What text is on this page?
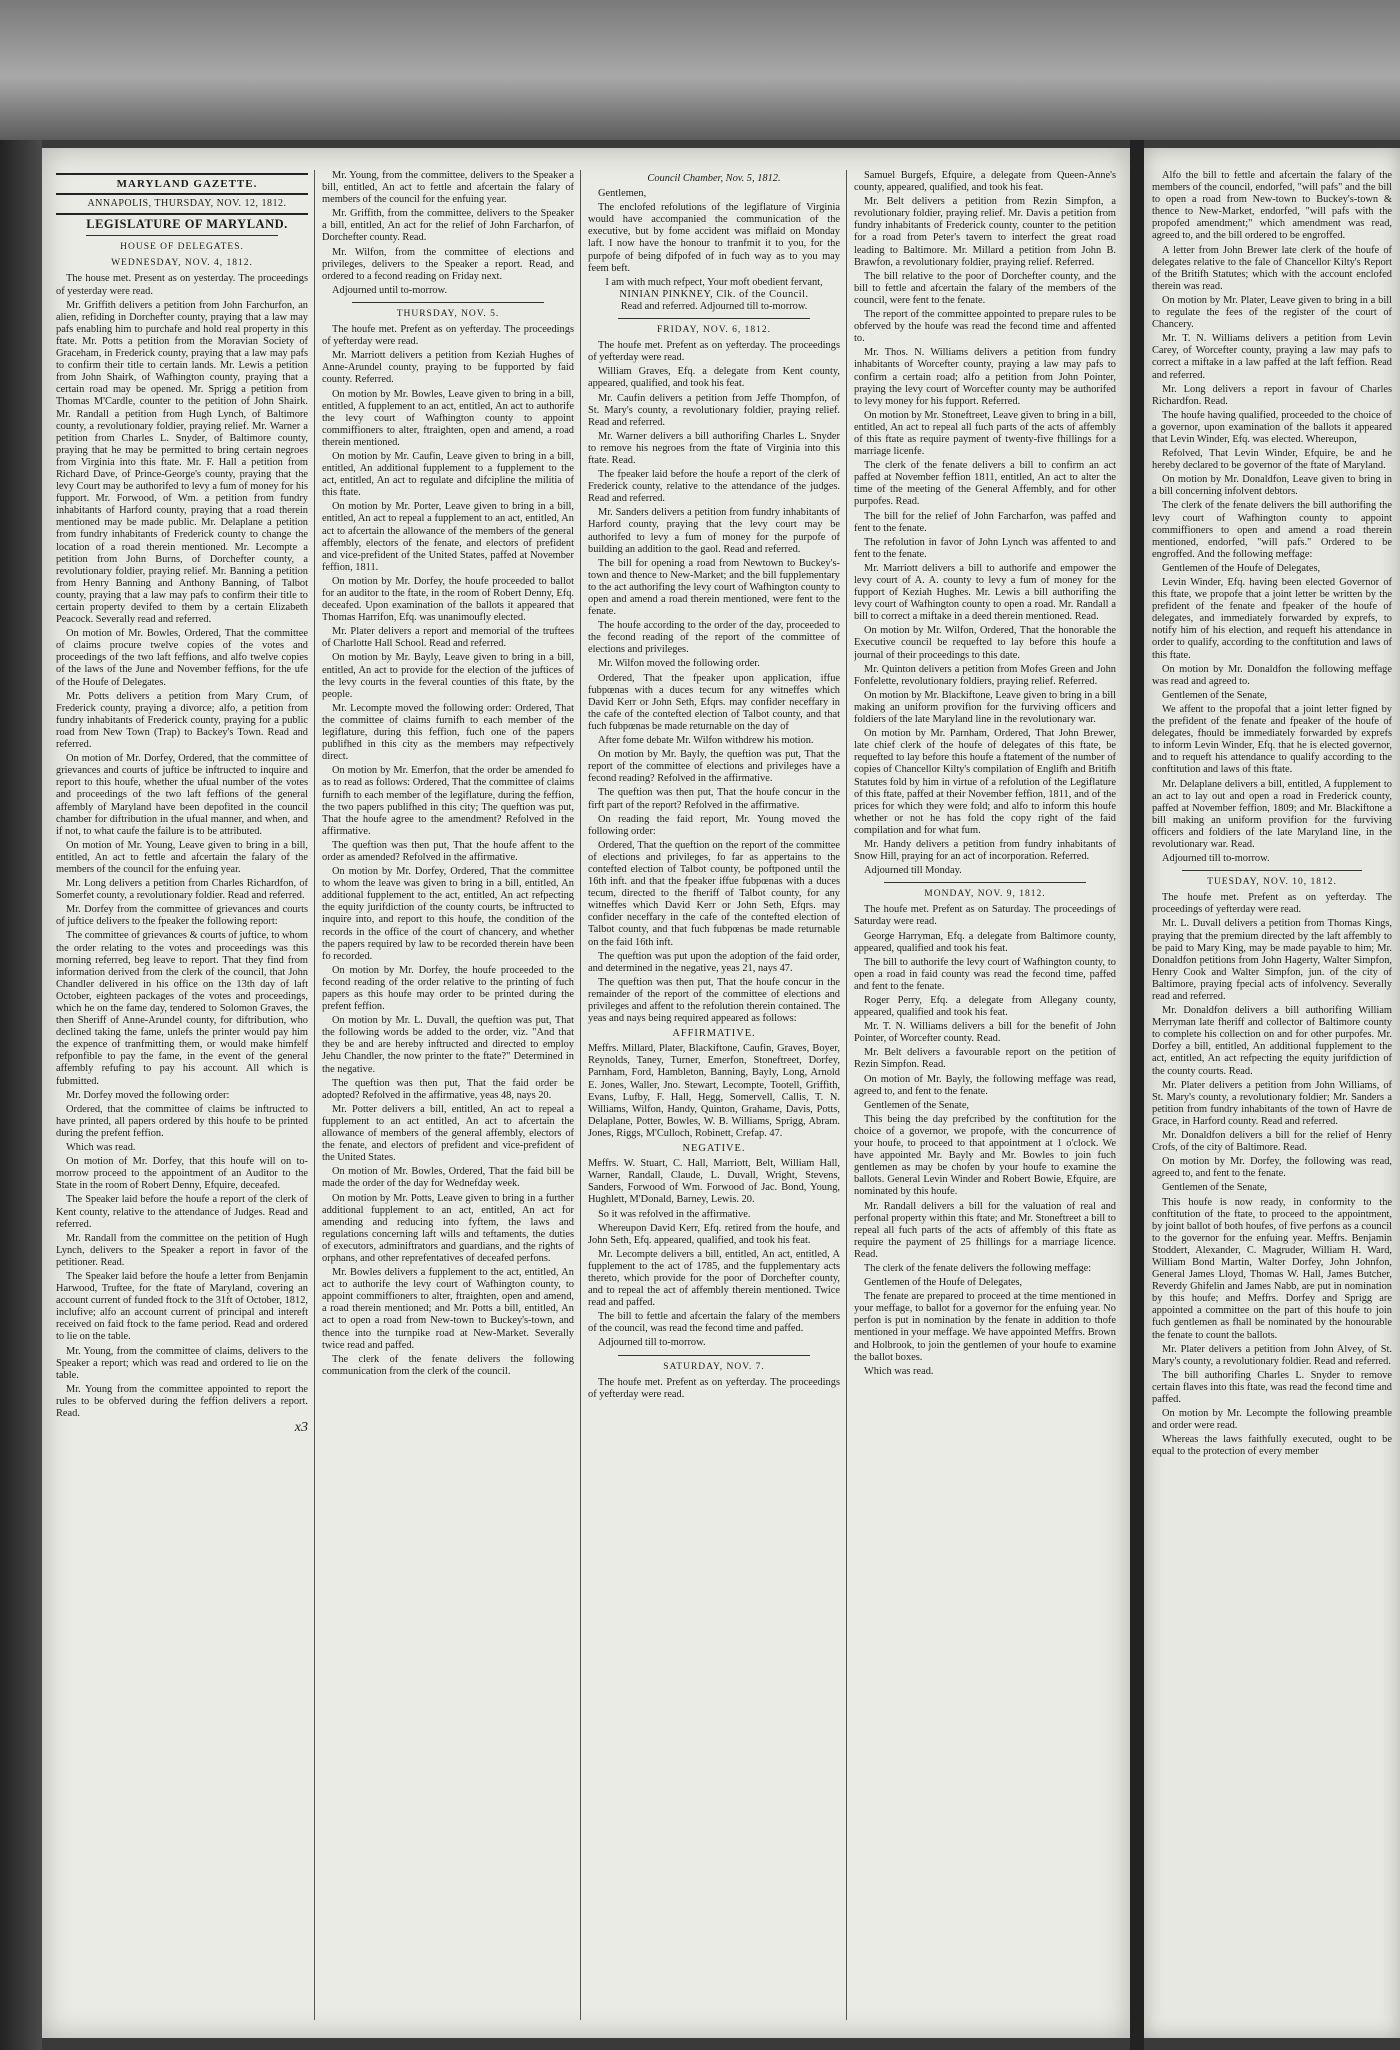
MARYLAND GAZETTE.

ANNAPOLIS, THURSDAY, NOV. 12, 1812.

LEGISLATURE OF MARYLAND.

HOUSE OF DELEGATES.

WEDNESDAY, NOV. 4, 1812.

The house met. Present as on yesterday. The proceedings of yesterday were read.

Mr. Griffith delivers a petition from John Farchurfon, an alien, refiding in Dorchefter county, praying that a law may pafs enabling him to purchafe and hold real property in this ftate. Mr. Potts a petition from the Moravian Society of Graceham, in Frederick county, praying that a law may pafs to confirm their title to certain lands. Mr. Lewis a petition from John Shairk, of Wafhington county, praying that a certain road may be opened. Mr. Sprigg a petition from Thomas M'Cardle, counter to the petition of John Shairk. Mr. Randall a petition from Hugh Lynch, of Baltimore county, a revolutionary foldier, praying relief. Mr. Warner a petition from Charles L. Snyder, of Baltimore county, praying that he may be permitted to bring certain negroes from Virginia into this ftate. Mr. F. Hall a petition from Richard Dave, of Prince-George's county, praying that the levy Court may be authorifed to levy a fum of money for his fupport. Mr. Forwood, of Wm. a petition from fundry inhabitants of Harford county, praying that a road therein mentioned may be made public. Mr. Delaplane a petition from fundry inhabitants of Frederick county to change the location of a road therein mentioned. Mr. Lecompte a petition from John Burns, of Dorchefter county, a revolutionary foldier, praying relief. Mr. Banning a petition from Henry Banning and Anthony Banning, of Talbot county, praying that a law may pafs to confirm their title to certain property devifed to them by a certain Elizabeth Peacock. Severally read and referred.

On motion of Mr. Bowles, Ordered, That the committee of claims procure twelve copies of the votes and proceedings of the two laft feffions, and alfo twelve copies of the laws of the June and November feffions, for the ufe of the Houfe of Delegates.

Mr. Potts delivers a petition from Mary Crum, of Frederick county, praying a divorce; alfo, a petition from fundry inhabitants of Frederick county, praying for a public road from New Town (Trap) to Backey's Town. Read and referred.

On motion of Mr. Dorfey, Ordered, that the committee of grievances and courts of juftice be inftructed to inquire and report to this houfe, whether the ufual number of the votes and proceedings of the two laft feffions of the general affembly of Maryland have been depofited in the council chamber for diftribution in the ufual manner, and when, and if not, to what caufe the failure is to be attributed.

On motion of Mr. Young, Leave given to bring in a bill, entitled, An act to fettle and afcertain the falary of the members of the council for the enfuing year.

Mr. Long delivers a petition from Charles Richardfon, of Somerfet county, a revolutionary foldier. Read and referred.

Mr. Dorfey from the committee of grievances and courts of juftice delivers to the fpeaker the following report:

The committee of grievances & courts of juftice, to whom the order relating to the votes and proceedings was this morning referred, beg leave to report. That they find from information derived from the clerk of the council, that John Chandler delivered in his office on the 13th day of laft October, eighteen packages of the votes and proceedings, which he on the fame day, tendered to Solomon Graves, the then Sheriff of Anne-Arundel county, for diftribution, who declined taking the fame, unlefs the printer would pay him the expence of tranfmitting them, or would make himfelf refponfible to pay the fame, in the event of the general affembly refufing to pay his account. All which is fubmitted.

Mr. Dorfey moved the following order:

Ordered, that the committee of claims be inftructed to have printed, all papers ordered by this houfe to be printed during the prefent feffion.

Which was read.

On motion of Mr. Dorfey, that this houfe will on to-morrow proceed to the appointment of an Auditor to the State in the room of Robert Denny, Efquire, deceafed.

The Speaker laid before the houfe a report of the clerk of Kent county, relative to the attendance of Judges. Read and referred.

Mr. Randall from the committee on the petition of Hugh Lynch, delivers to the Speaker a report in favor of the petitioner. Read.

The Speaker laid before the houfe a letter from Benjamin Harwood, Truftee, for the ftate of Maryland, covering an account current of funded ftock to the 31ft of October, 1812, inclufive; alfo an account current of principal and intereft received on faid ftock to the fame period. Read and ordered to lie on the table.

Mr. Young, from the committee of claims, delivers to the Speaker a report; which was read and ordered to lie on the table.

Mr. Young from the committee appointed to report the rules to be obferved during the feffion delivers a report. Read.

x3

Mr. Young, from the committee, delivers to the Speaker a bill, entitled, An act to fettle and afcertain the falary of members of the council for the enfuing year.

Mr. Griffith, from the committee, delivers to the Speaker a bill, entitled, An act for the relief of John Farcharfon, of Dorchefter county. Read.

Mr. Wilfon, from the committee of elections and privileges, delivers to the Speaker a report. Read, and ordered to a fecond reading on Friday next.

Adjourned until to-morrow.

THURSDAY, NOV. 5.

The houfe met. Prefent as on yefterday. The proceedings of yefterday were read.

Mr. Marriott delivers a petition from Keziah Hughes of Anne-Arundel county, praying to be fupported by faid county. Referred.

On motion by Mr. Bowles, Leave given to bring in a bill, entitled, A fupplement to an act, entitled, An act to authorife the levy court of Wafhington county to appoint commiffioners to alter, ftraighten, open and amend, a road therein mentioned.

On motion by Mr. Caufin, Leave given to bring in a bill, entitled, An additional fupplement to a fupplement to the act, entitled, An act to regulate and difcipline the militia of this ftate.

On motion by Mr. Porter, Leave given to bring in a bill, entitled, An act to repeal a fupplement to an act, entitled, An act to afcertain the allowance of the members of the general affembly, electors of the fenate, and electors of prefident and vice-prefident of the United States, paffed at November feffion, 1811.

On motion by Mr. Dorfey, the houfe proceeded to ballot for an auditor to the ftate, in the room of Robert Denny, Efq. deceafed. Upon examination of the ballots it appeared that Thomas Harrifon, Efq. was unanimoufly elected.

Mr. Plater delivers a report and memorial of the truftees of Charlotte Hall School. Read and referred.

On motion by Mr. Bayly, Leave given to bring in a bill, entitled, An act to provide for the election of the juftices of the levy courts in the feveral counties of this ftate, by the people.

Mr. Lecompte moved the following order: Ordered, That the committee of claims furnifh to each member of the legiflature, during this feffion, fuch one of the papers publifhed in this city as the members may refpectively direct.

On motion by Mr. Emerfon, that the order be amended fo as to read as follows: Ordered, That the committee of claims furnifh to each member of the legiflature, during the feffion, the two papers publifhed in this city; The queftion was put, That the houfe agree to the amendment? Refolved in the affirmative.

The queftion was then put, That the houfe affent to the order as amended? Refolved in the affirmative.

On motion by Mr. Dorfey, Ordered, That the committee to whom the leave was given to bring in a bill, entitled, An additional fupplement to the act, entitled, An act refpecting the equity jurifdiction of the county courts, be inftructed to inquire into, and report to this houfe, the condition of the records in the office of the court of chancery, and whether the papers required by law to be recorded therein have been fo recorded.

On motion by Mr. Dorfey, the houfe proceeded to the fecond reading of the order relative to the printing of fuch papers as this houfe may order to be printed during the prefent feffion.

On motion by Mr. L. Duvall, the queftion was put, That the following words be added to the order, viz. "And that they be and are hereby inftructed and directed to employ Jehu Chandler, the now printer to the ftate?" Determined in the negative.

The queftion was then put, That the faid order be adopted? Refolved in the affirmative, yeas 48, nays 20.

Mr. Potter delivers a bill, entitled, An act to repeal a fupplement to an act entitled, An act to afcertain the allowance of members of the general affembly, electors of the fenate, and electors of prefident and vice-prefident of the United States.

On motion of Mr. Bowles, Ordered, That the faid bill be made the order of the day for Wednefday week.

On motion by Mr. Potts, Leave given to bring in a further additional fupplement to an act, entitled, An act for amending and reducing into fyftem, the laws and regulations concerning laft wills and teftaments, the duties of executors, adminiftrators and guardians, and the rights of orphans, and other reprefentatives of deceafed perfons.

Mr. Bowles delivers a fupplement to the act, entitled, An act to authorife the levy court of Wafhington county, to appoint commiffioners to alter, ftraighten, open and amend, a road therein mentioned; and Mr. Potts a bill, entitled, An act to open a road from New-town to Buckey's-town, and thence into the turnpike road at New-Market. Severally twice read and paffed.

The clerk of the fenate delivers the following communication from the clerk of the council.

Council Chamber, Nov. 5, 1812.

Gentlemen,

The enclofed refolutions of the legiflature of Virginia would have accompanied the communication of the executive, but by fome accident was miflaid on Monday laft. I now have the honour to tranfmit it to you, for the purpofe of being difpofed of in fuch way as to you may feem beft.

I am with much refpect, Your moft obedient fervant,

NINIAN PINKNEY, Clk. of the Council.

Read and referred. Adjourned till to-morrow.

FRIDAY, NOV. 6, 1812.

The houfe met. Prefent as on yefterday. The proceedings of yefterday were read.

William Graves, Efq. a delegate from Kent county, appeared, qualified, and took his feat.

Mr. Caufin delivers a petition from Jeffe Thompfon, of St. Mary's county, a revolutionary foldier, praying relief. Read and referred.

Mr. Warner delivers a bill authorifing Charles L. Snyder to remove his negroes from the ftate of Virginia into this ftate. Read.

The fpeaker laid before the houfe a report of the clerk of Frederick county, relative to the attendance of the judges. Read and referred.

Mr. Sanders delivers a petition from fundry inhabitants of Harford county, praying that the levy court may be authorifed to levy a fum of money for the purpofe of building an addition to the gaol. Read and referred.

The bill for opening a road from Newtown to Buckey's-town and thence to New-Market; and the bill fupplementary to the act authorifing the levy court of Wafhington county to open and amend a road therein mentioned, were fent to the fenate.

The houfe according to the order of the day, proceeded to the fecond reading of the report of the committee of elections and privileges.

Mr. Wilfon moved the following order.

Ordered, That the fpeaker upon application, iffue fubpœnas with a duces tecum for any witneffes which David Kerr or John Seth, Efqrs. may confider neceffary in the cafe of the contefted election of Talbot county, and that fuch fubpœnas be made returnable on the day of

After fome debate Mr. Wilfon withdrew his motion.

On motion by Mr. Bayly, the queftion was put, That the report of the committee of elections and privileges have a fecond reading? Refolved in the affirmative.

The queftion was then put, That the houfe concur in the firft part of the report? Refolved in the affirmative.

On reading the faid report, Mr. Young moved the following order:

Ordered, That the queftion on the report of the committee of elections and privileges, fo far as appertains to the contefted election of Talbot county, be poftponed until the 16th inft. and that the fpeaker iffue fubpœnas with a duces tecum, directed to the fheriff of Talbot county, for any witneffes which David Kerr or John Seth, Efqrs. may confider neceffary in the cafe of the contefted election of Talbot county, and that fuch fubpœnas be made returnable on the faid 16th inft.

The queftion was put upon the adoption of the faid order, and determined in the negative, yeas 21, nays 47.

The queftion was then put, That the houfe concur in the remainder of the report of the committee of elections and privileges and affent to the refolution therein contained. The yeas and nays being required appeared as follows:

AFFIRMATIVE.

Meffrs. Millard, Plater, Blackiftone, Caufin, Graves, Boyer, Reynolds, Taney, Turner, Emerfon, Stoneftreet, Dorfey, Parnham, Ford, Hambleton, Banning, Bayly, Long, Arnold E. Jones, Waller, Jno. Stewart, Lecompte, Tootell, Griffith, Evans, Lufby, F. Hall, Hegg, Somervell, Callis, T. N. Williams, Wilfon, Handy, Quinton, Grahame, Davis, Potts, Delaplane, Potter, Bowles, W. B. Williams, Sprigg, Abram. Jones, Riggs, M'Culloch, Robinett, Crefap. 47.

NEGATIVE.

Meffrs. W. Stuart, C. Hall, Marriott, Belt, William Hall, Warner, Randall, Claude, L. Duvall, Wright, Stevens, Sanders, Forwood of Wm. Forwood of Jac. Bond, Young, Hughlett, M'Donald, Barney, Lewis. 20.

So it was refolved in the affirmative.

Whereupon David Kerr, Efq. retired from the houfe, and John Seth, Efq. appeared, qualified, and took his feat.

Mr. Lecompte delivers a bill, entitled, An act, entitled, A fupplement to the act of 1785, and the fupplementary acts thereto, which provide for the poor of Dorchefter county, and to repeal the act of affembly therein mentioned. Twice read and paffed.

The bill to fettle and afcertain the falary of the members of the council, was read the fecond time and paffed.

Adjourned till to-morrow.

SATURDAY, NOV. 7.

The houfe met. Prefent as on yefterday. The proceedings of yefterday were read.

Samuel Burgefs, Efquire, a delegate from Queen-Anne's county, appeared, qualified, and took his feat.

Mr. Belt delivers a petition from Rezin Simpfon, a revolutionary foldier, praying relief. Mr. Davis a petition from fundry inhabitants of Frederick county, counter to the petition for a road from Peter's tavern to interfect the great road leading to Baltimore. Mr. Millard a petition from John B. Brawfon, a revolutionary foldier, praying relief. Referred.

The bill relative to the poor of Dorchefter county, and the bill to fettle and afcertain the falary of the members of the council, were fent to the fenate.

The report of the committee appointed to prepare rules to be obferved by the houfe was read the fecond time and affented to.

Mr. Thos. N. Williams delivers a petition from fundry inhabitants of Worcefter county, praying a law may pafs to confirm a certain road; alfo a petition from John Pointer, praying the levy court of Worcefter county may be authorifed to levy money for his fupport. Referred.

On motion by Mr. Stoneftreet, Leave given to bring in a bill, entitled, An act to repeal all fuch parts of the acts of affembly of this ftate as require payment of twenty-five fhillings for a marriage licenfe.

The clerk of the fenate delivers a bill to confirm an act paffed at November feffion 1811, entitled, An act to alter the time of the meeting of the General Affembly, and for other purpofes. Read.

The bill for the relief of John Farcharfon, was paffed and fent to the fenate.

The refolution in favor of John Lynch was affented to and fent to the fenate.

Mr. Marriott delivers a bill to authorife and empower the levy court of A. A. county to levy a fum of money for the fupport of Keziah Hughes. Mr. Lewis a bill authorifing the levy court of Wafhington county to open a road. Mr. Randall a bill to correct a miftake in a deed therein mentioned. Read.

On motion by Mr. Wilfon, Ordered, That the honorable the Executive council be requefted to lay before this houfe a journal of their proceedings to this date.

Mr. Quinton delivers a petition from Mofes Green and John Fonfelette, revolutionary foldiers, praying relief. Referred.

On motion by Mr. Blackiftone, Leave given to bring in a bill making an uniform provifion for the furviving officers and foldiers of the late Maryland line in the revolutionary war.

On motion by Mr. Parnham, Ordered, That John Brewer, late chief clerk of the houfe of delegates of this ftate, be requefted to lay before this houfe a ftatement of the number of copies of Chancellor Kilty's compilation of Englifh and Britifh Statutes fold by him in virtue of a refolution of the Legiflature of this ftate, paffed at their November feffion, 1811, and of the prices for which they were fold; and alfo to inform this houfe whether or not he has fold the copy right of the faid compilation and for what fum.

Mr. Handy delivers a petition from fundry inhabitants of Snow Hill, praying for an act of incorporation. Referred.

Adjourned till Monday.

MONDAY, NOV. 9, 1812.

The houfe met. Prefent as on Saturday. The proceedings of Saturday were read.

George Harryman, Efq. a delegate from Baltimore county, appeared, qualified and took his feat.

The bill to authorife the levy court of Wafhington county, to open a road in faid county was read the fecond time, paffed and fent to the fenate.

Roger Perry, Efq. a delegate from Allegany county, appeared, qualified and took his feat.

Mr. T. N. Williams delivers a bill for the benefit of John Pointer, of Worcefter county. Read.

Mr. Belt delivers a favourable report on the petition of Rezin Simpfon. Read.

On motion of Mr. Bayly, the following meffage was read, agreed to, and fent to the fenate.

Gentlemen of the Senate,

This being the day prefcribed by the conftitution for the choice of a governor, we propofe, with the concurrence of your houfe, to proceed to that appointment at 1 o'clock. We have appointed Mr. Bayly and Mr. Bowles to join fuch gentlemen as may be chofen by your houfe to examine the ballots. General Levin Winder and Robert Bowie, Efquire, are nominated by this houfe.

Mr. Randall delivers a bill for the valuation of real and perfonal property within this ftate; and Mr. Stoneftreet a bill to repeal all fuch parts of the acts of affembly of this ftate as require the payment of 25 fhillings for a marriage licence. Read.

The clerk of the fenate delivers the following meffage:

Gentlemen of the Houfe of Delegates,

The fenate are prepared to proceed at the time mentioned in your meffage, to ballot for a governor for the enfuing year. No perfon is put in nomination by the fenate in addition to thofe mentioned in your meffage. We have appointed Meffrs. Brown and Holbrook, to join the gentlemen of your houfe to examine the ballot boxes.

Which was read.

Alfo the bill to fettle and afcertain the falary of the members of the council, endorfed, "will pafs" and the bill to open a road from New-town to Buckey's-town & thence to New-Market, endorfed, "will pafs with the propofed amendment;" which amendment was read, agreed to, and the bill ordered to be engroffed.

A letter from John Brewer late clerk of the houfe of delegates relative to the fale of Chancellor Kilty's Report of the Britifh Statutes; which with the account enclofed therein was read.

On motion by Mr. Plater, Leave given to bring in a bill to regulate the fees of the register of the court of Chancery.

Mr. T. N. Williams delivers a petition from Levin Carey, of Worcefter county, praying a law may pafs to correct a miftake in a law paffed at the laft feffion. Read and referred.

Mr. Long delivers a report in favour of Charles Richardfon. Read.

The houfe having qualified, proceeded to the choice of a governor, upon examination of the ballots it appeared that Levin Winder, Efq. was elected. Whereupon,

Refolved, That Levin Winder, Efquire, be and he hereby declared to be governor of the ftate of Maryland.

On motion by Mr. Donaldfon, Leave given to bring in a bill concerning infolvent debtors.

The clerk of the fenate delivers the bill authorifing the levy court of Wafhington county to appoint commiffioners to open and amend a road therein mentioned, endorfed, "will pafs." Ordered to be engroffed. And the following meffage:

Gentlemen of the Houfe of Delegates,

Levin Winder, Efq. having been elected Governor of this ftate, we propofe that a joint letter be written by the prefident of the fenate and fpeaker of the houfe of delegates, and immediately forwarded by exprefs, to notify him of his election, and requeft his attendance in order to qualify, according to the conftitution and laws of this ftate.

On motion by Mr. Donaldfon the following meffage was read and agreed to.

Gentlemen of the Senate,

We affent to the propofal that a joint letter figned by the prefident of the fenate and fpeaker of the houfe of delegates, fhould be immediately forwarded by exprefs to inform Levin Winder, Efq. that he is elected governor, and to requeft his attendance to qualify according to the conftitution and laws of this ftate.

Mr. Delaplane delivers a bill, entitled, A fupplement to an act to lay out and open a road in Frederick county, paffed at November feffion, 1809; and Mr. Blackiftone a bill making an uniform provifion for the furviving officers and foldiers of the late Maryland line, in the revolutionary war. Read.

Adjourned till to-morrow.

TUESDAY, NOV. 10, 1812.

The houfe met. Prefent as on yefterday. The proceedings of yefterday were read.

Mr. L. Duvall delivers a petition from Thomas Kings, praying that the premium directed by the laft affembly to be paid to Mary King, may be made payable to him; Mr. Donaldfon petitions from John Hagerty, Walter Simpfon, Henry Cook and Walter Simpfon, jun. of the city of Baltimore, praying fpecial acts of infolvency. Severally read and referred.

Mr. Donaldfon delivers a bill authorifing William Merryman late fheriff and collector of Baltimore county to complete his collection on and for other purpofes. Mr. Dorfey a bill, entitled, An additional fupplement to the act, entitled, An act refpecting the equity jurifdiction of the county courts. Read.

Mr. Plater delivers a petition from John Williams, of St. Mary's county, a revolutionary foldier; Mr. Sanders a petition from fundry inhabitants of the town of Havre de Grace, in Harford county. Read and referred.

Mr. Donaldfon delivers a bill for the relief of Henry Crofs, of the city of Baltimore. Read.

On motion by Mr. Dorfey, the following was read, agreed to, and fent to the fenate.

Gentlemen of the Senate,

This houfe is now ready, in conformity to the conftitution of the ftate, to proceed to the appointment, by joint ballot of both houfes, of five perfons as a council to the governor for the enfuing year. Meffrs. Benjamin Stoddert, Alexander, C. Magruder, William H. Ward, William Bond Martin, Walter Dorfey, John Johnfon, General James Lloyd, Thomas W. Hall, James Butcher, Reverdy Ghifelin and James Nabb, are put in nomination by this houfe; and Meffrs. Dorfey and Sprigg are appointed a committee on the part of this houfe to join fuch gentlemen as fhall be nominated by the honourable the fenate to count the ballots.

Mr. Plater delivers a petition from John Alvey, of St. Mary's county, a revolutionary foldier. Read and referred.

The bill authorifing Charles L. Snyder to remove certain flaves into this ftate, was read the fecond time and paffed.

On motion by Mr. Lecompte the following preamble and order were read.

Whereas the laws faithfully executed, ought to be equal to the protection of every member
